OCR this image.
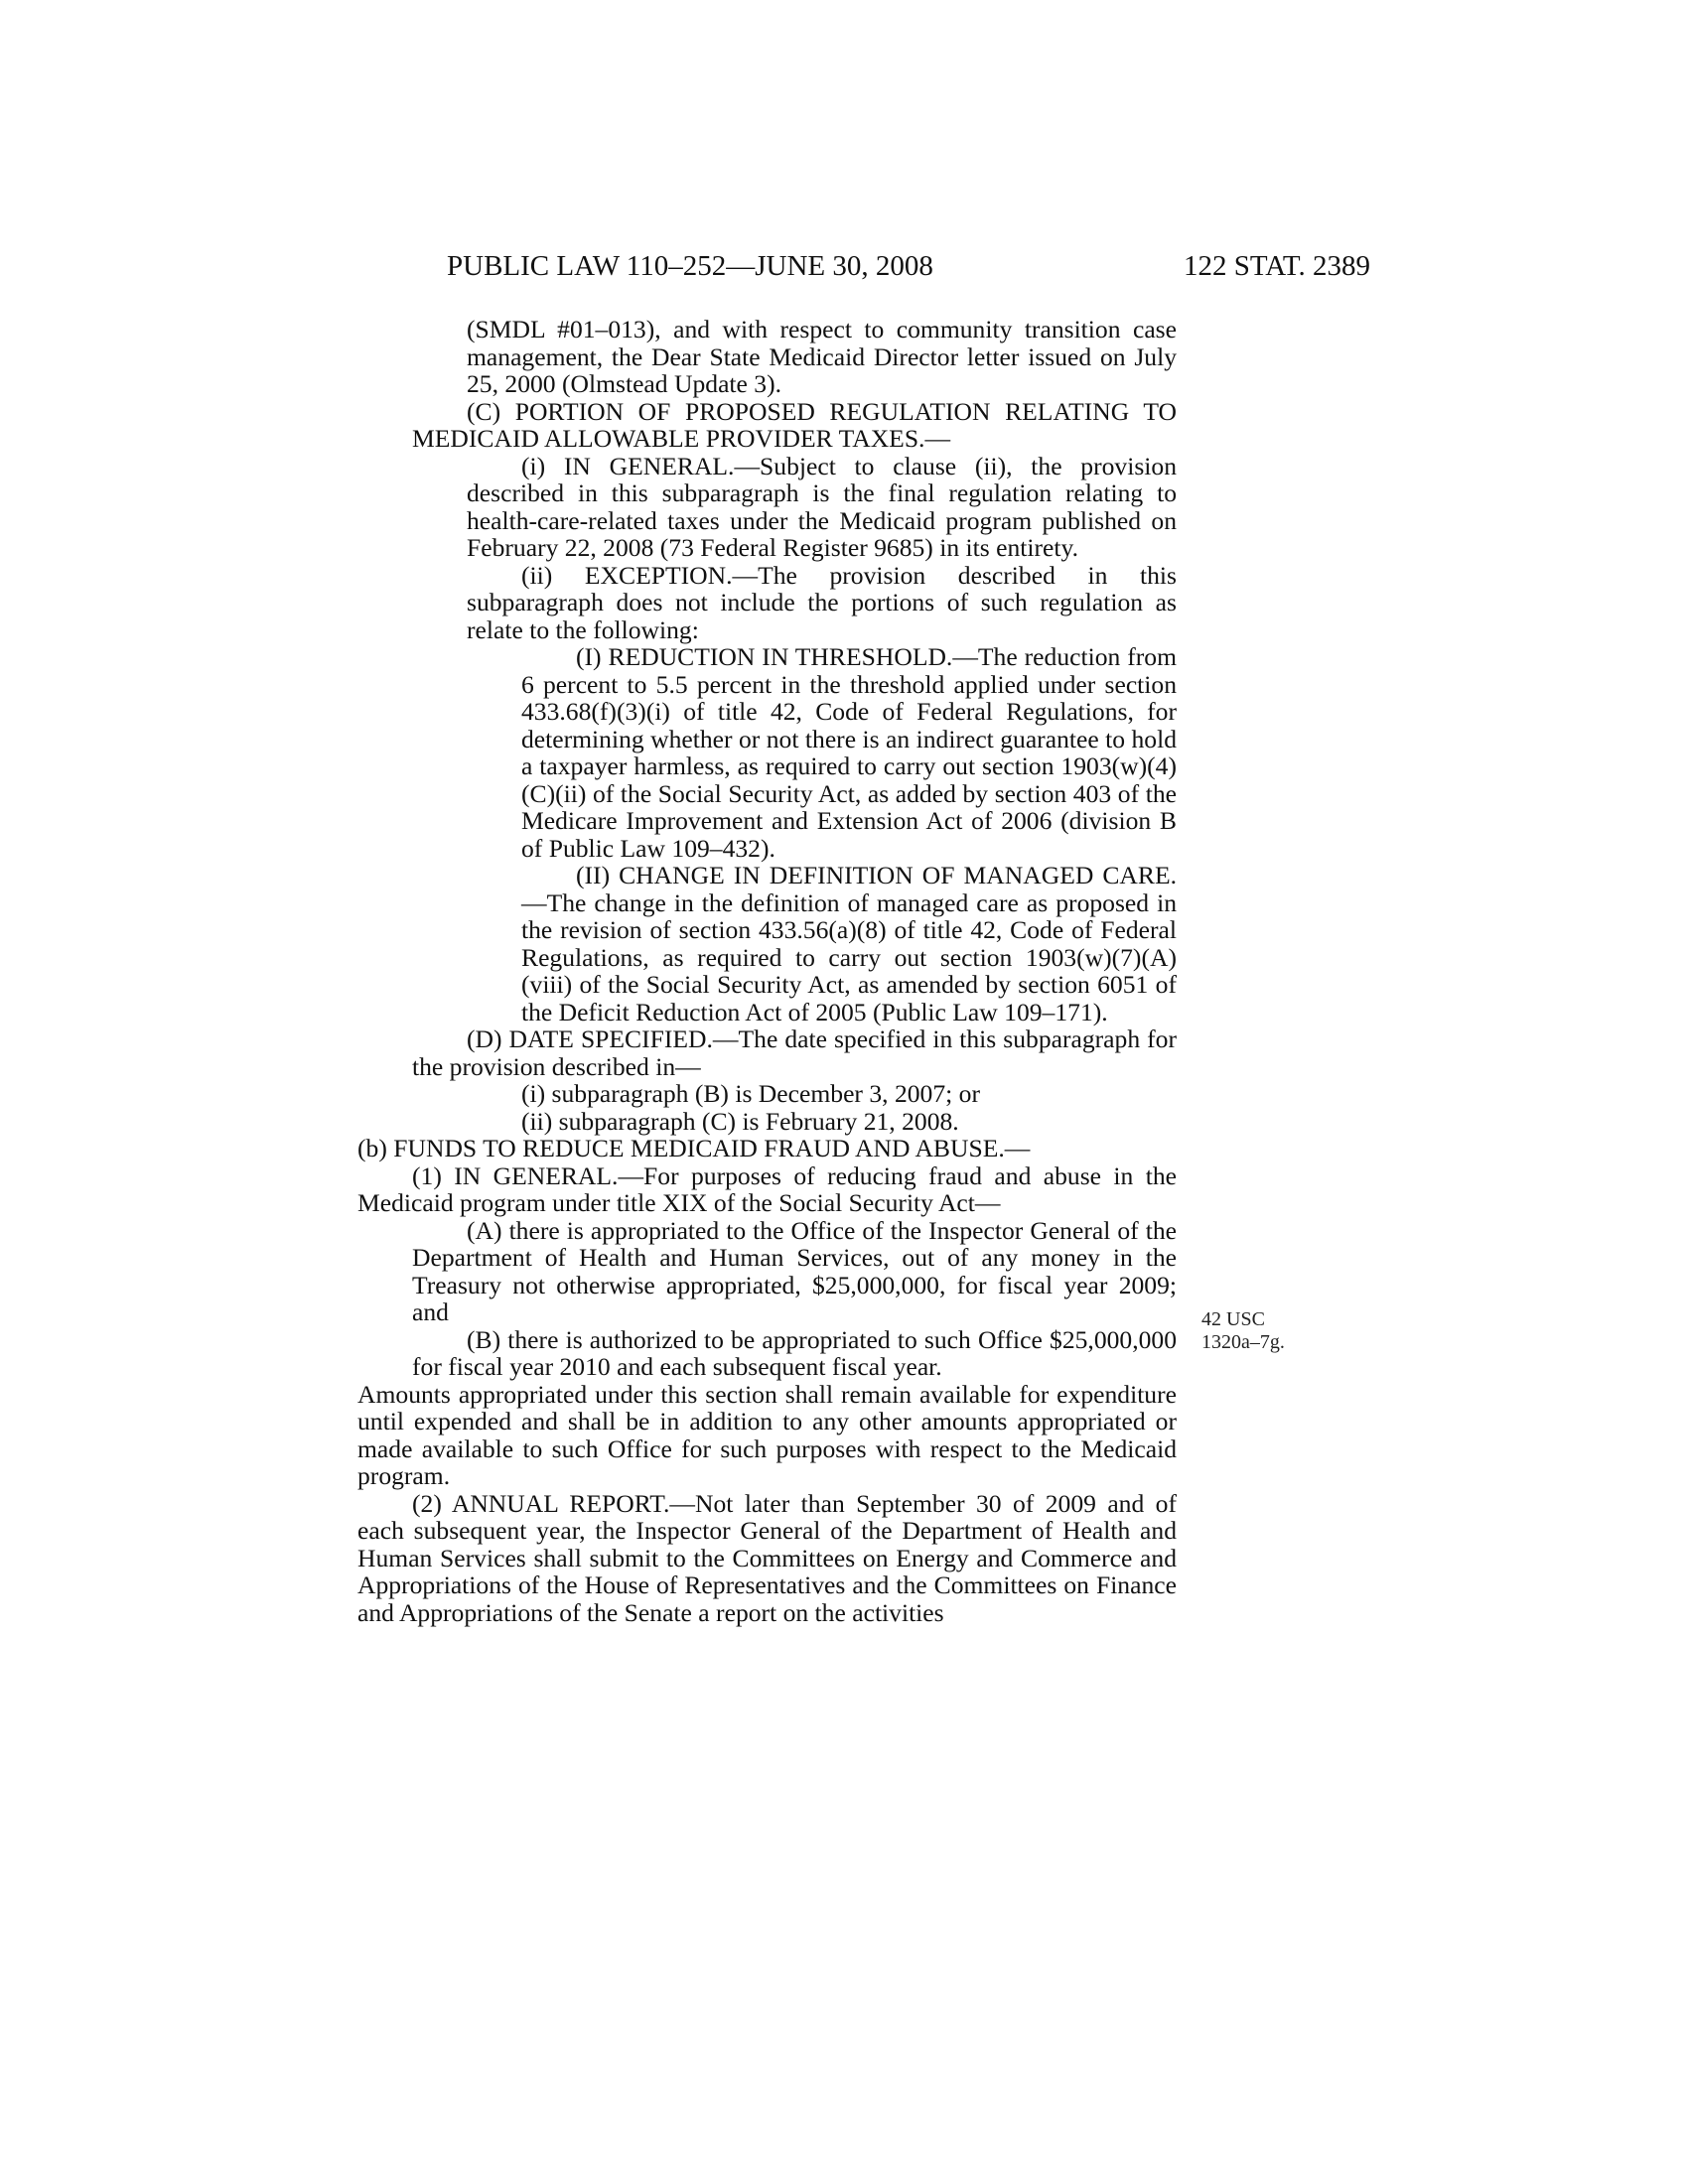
PUBLIC LAW 110–252—JUNE 30, 2008	122 STAT. 2389
42 USC
1320a–7g.

(SMDL #01–013), and with respect to community transition case management, the Dear State Medicaid Director letter issued on July 25, 2000 (Olmstead Update 3).

(C) PORTION OF PROPOSED REGULATION RELATING TO MEDICAID ALLOWABLE PROVIDER TAXES.—

(i) IN GENERAL.—Subject to clause (ii), the provision described in this subparagraph is the final regulation relating to health-care-related taxes under the Medicaid program published on February 22, 2008 (73 Federal Register 9685) in its entirety.

(ii) EXCEPTION.—The provision described in this subparagraph does not include the portions of such regulation as relate to the following:

(I) REDUCTION IN THRESHOLD.—The reduction from 6 percent to 5.5 percent in the threshold applied under section 433.68(f)(3)(i) of title 42, Code of Federal Regulations, for determining whether or not there is an indirect guarantee to hold a taxpayer harmless, as required to carry out section 1903(w)(4)(C)(ii) of the Social Security Act, as added by section 403 of the Medicare Improvement and Extension Act of 2006 (division B of Public Law 109–432).

(II) CHANGE IN DEFINITION OF MANAGED CARE.—The change in the definition of managed care as proposed in the revision of section 433.56(a)(8) of title 42, Code of Federal Regulations, as required to carry out section 1903(w)(7)(A)(viii) of the Social Security Act, as amended by section 6051 of the Deficit Reduction Act of 2005 (Public Law 109–171).

(D) DATE SPECIFIED.—The date specified in this subparagraph for the provision described in—

(i) subparagraph (B) is December 3, 2007; or

(ii) subparagraph (C) is February 21, 2008.

(b) FUNDS TO REDUCE MEDICAID FRAUD AND ABUSE.—

(1) IN GENERAL.—For purposes of reducing fraud and abuse in the Medicaid program under title XIX of the Social Security Act—

(A) there is appropriated to the Office of the Inspector General of the Department of Health and Human Services, out of any money in the Treasury not otherwise appropriated, $25,000,000, for fiscal year 2009; and

(B) there is authorized to be appropriated to such Office $25,000,000 for fiscal year 2010 and each subsequent fiscal year.

Amounts appropriated under this section shall remain available for expenditure until expended and shall be in addition to any other amounts appropriated or made available to such Office for such purposes with respect to the Medicaid program.

(2) ANNUAL REPORT.—Not later than September 30 of 2009 and of each subsequent year, the Inspector General of the Department of Health and Human Services shall submit to the Committees on Energy and Commerce and Appropriations of the House of Representatives and the Committees on Finance and Appropriations of the Senate a report on the activities
